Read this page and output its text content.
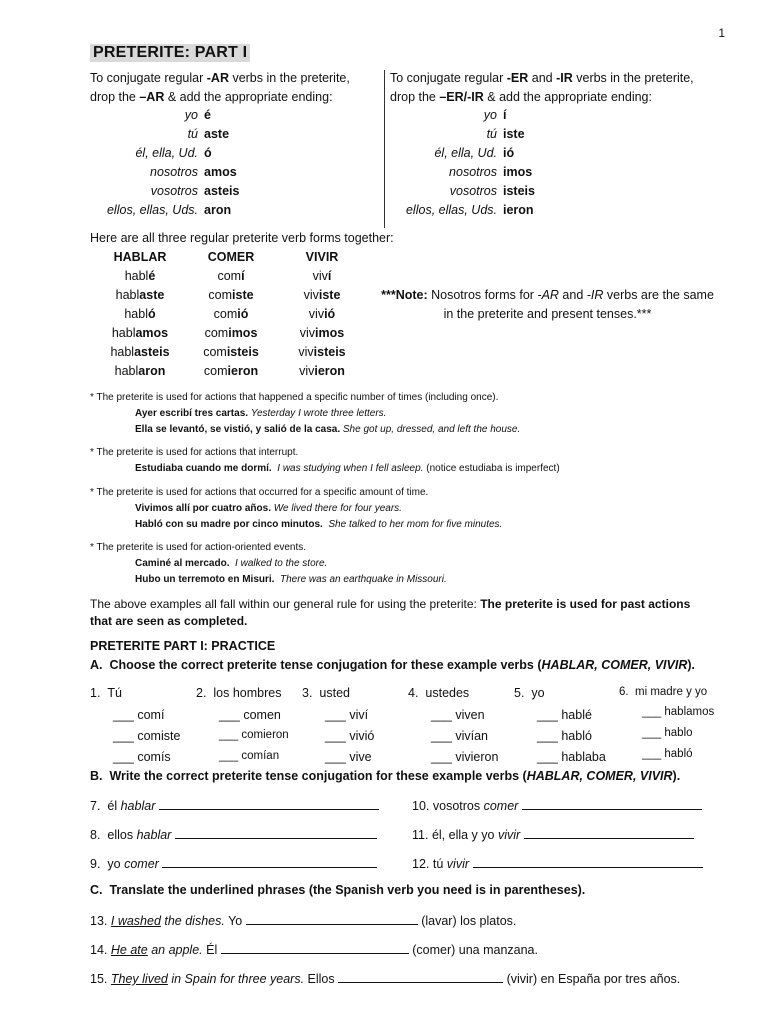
1
PRETERITE: PART I
To conjugate regular -AR verbs in the preterite,
drop the –AR & add the appropriate ending:
To conjugate regular -ER and -IR verbs in the preterite,
drop the –ER/-IR & add the appropriate ending:
yo é
tú aste
él, ella, Ud. ó
nosotros amos
vosotros asteis
ellos, ellas, Uds. aron
yo í
tú iste
él, ella, Ud. ió
nosotros imos
vosotros isteis
ellos, ellas, Uds. ieron
Here are all three regular preterite verb forms together:
HABLAR	COMER	VIVIR
hablé	comí	viví
hablaste	comiste	viviste
habló	comió	vivió
hablamos	comimos	vivimos
hablasteis	comisteis	vivisteis
hablaron	comieron	vivieron
***Note: Nosotros forms for -AR and -IR verbs are the same in the preterite and present tenses.***
* The preterite is used for actions that happened a specific number of times (including once).
Ayer escribí tres cartas. Yesterday I wrote three letters.
Ella se levantó, se vistió, y salió de la casa. She got up, dressed, and left the house.
* The preterite is used for actions that interrupt.
Estudiaba cuando me dormí. I was studying when I fell asleep. (notice estudiaba is imperfect)
* The preterite is used for actions that occurred for a specific amount of time.
Vivimos allí por cuatro años. We lived there for four years.
Habló con su madre por cinco minutos. She talked to her mom for five minutes.
* The preterite is used for action-oriented events.
Caminé al mercado. I walked to the store.
Hubo un terremoto en Misuri. There was an earthquake in Missouri.
The above examples all fall within our general rule for using the preterite: The preterite is used for past actions
that are seen as completed.
PRETERITE PART I: PRACTICE
A. Choose the correct preterite tense conjugation for these example verbs (HABLAR, COMER, VIVIR).
1. Tú
___ comí
___ comiste
___ comís
2. los hombres
___ comen
___ comieron
___ comían
3. usted
___ viví
___ vivió
___ vive
4. ustedes
___ viven
___ vivían
___ vivieron
5. yo
___ hablé
___ habló
___ hablaba
6. mi madre y yo
___ hablamos
___ hablo
___ habló
B. Write the correct preterite tense conjugation for these example verbs (HABLAR, COMER, VIVIR).
7. él hablar
8. ellos hablar
9. yo comer
10. vosotros comer
11. él, ella y yo vivir
12. tú vivir
C. Translate the underlined phrases (the Spanish verb you need is in parentheses).
13. I washed the dishes. Yo	(lavar) los platos.
14. He ate an apple. Él	(comer) una manzana.
15. They lived in Spain for three years. Ellos	(vivir) en España por tres años.
